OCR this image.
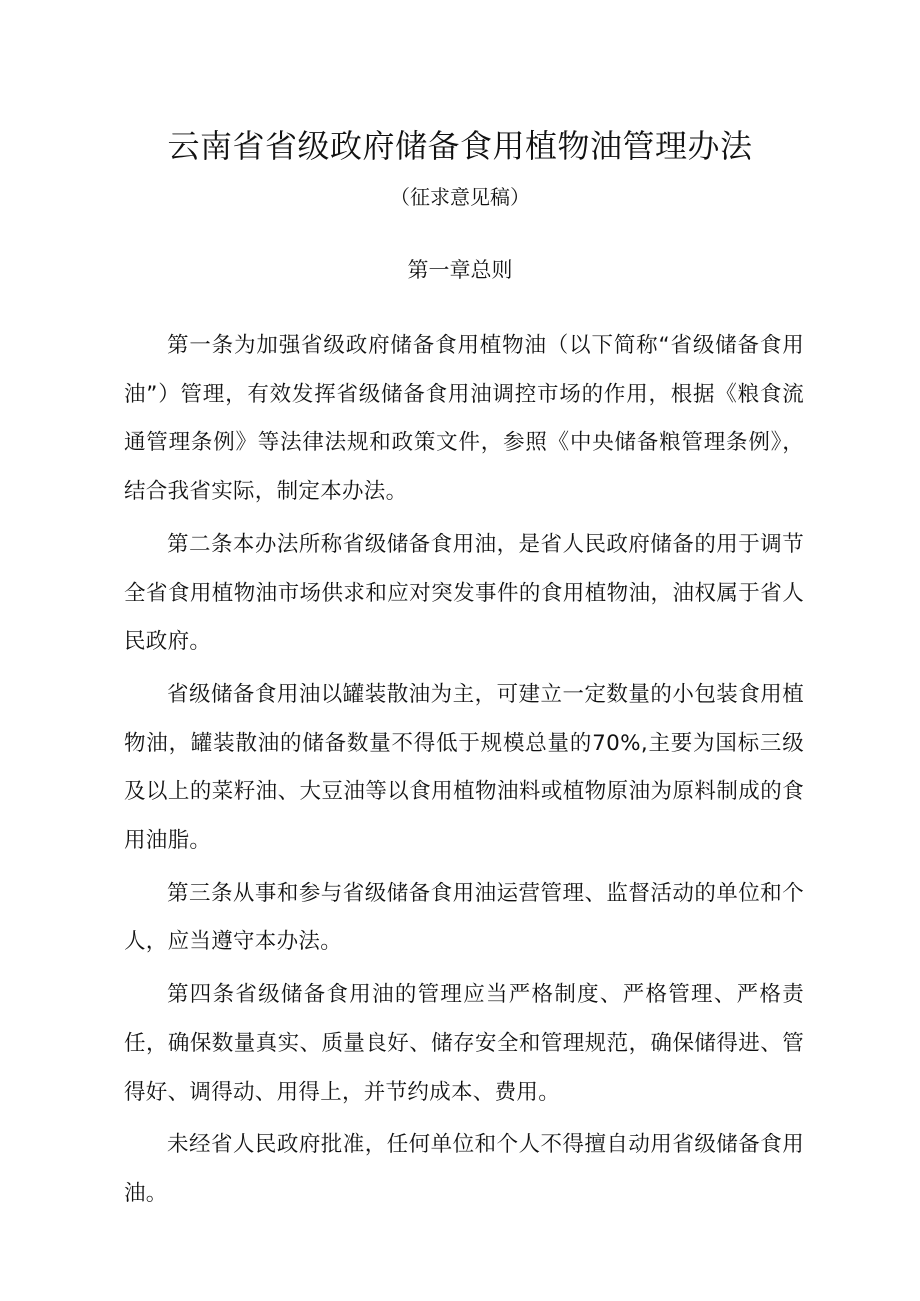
云南省省级政府储备食用植物油管理办法
（征求意见稿）
第一章总则

第一条为加强省级政府储备食用植物油（以下简称“省级储备食用油”）管理，有效发挥省级储备食用油调控市场的作用，根据《粮食流通管理条例》等法律法规和政策文件，参照《中央储备粮管理条例》，结合我省实际，制定本办法。

第二条本办法所称省级储备食用油，是省人民政府储备的用于调节全省食用植物油市场供求和应对突发事件的食用植物油，油权属于省人民政府。

省级储备食用油以罐装散油为主，可建立一定数量的小包装食用植物油，罐装散油的储备数量不得低于规模总量的70%,主要为国标三级及以上的菜籽油、大豆油等以食用植物油料或植物原油为原料制成的食用油脂。

第三条从事和参与省级储备食用油运营管理、监督活动的单位和个人，应当遵守本办法。

第四条省级储备食用油的管理应当严格制度、严格管理、严格责任，确保数量真实、质量良好、储存安全和管理规范，确保储得进、管得好、调得动、用得上，并节约成本、费用。

未经省人民政府批准，任何单位和个人不得擅自动用省级储备食用油。
